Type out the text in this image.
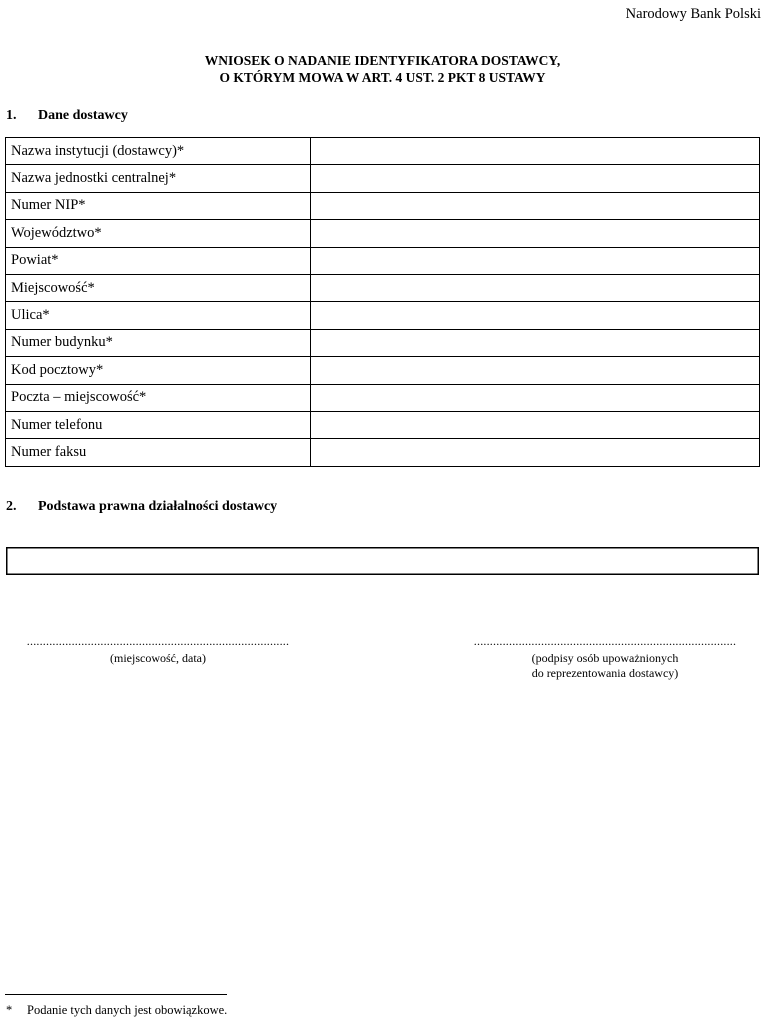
Narodowy Bank Polski
WNIOSEK O NADANIE IDENTYFIKATORA DOSTAWCY,
O KTÓRYM MOWA W ART. 4 UST. 2 PKT 8 USTAWY
1.	Dane dostawcy
Nazwa instytucji (dostawcy)*	
Nazwa jednostki centralnej*	
Numer NIP*	
Województwo*	
Powiat*	
Miejscowość*	
Ulica*	
Numer budynku*	
Kod pocztowy*	
Poczta – miejscowość*	
Numer telefonu	
Numer faksu	
2.	Podstawa prawna działalności dostawcy
..................................................................................
(miejscowość, data)
..................................................................................
(podpisy osób upoważnionych
do reprezentowania dostawcy)
*	Podanie tych danych jest obowiązkowe.
